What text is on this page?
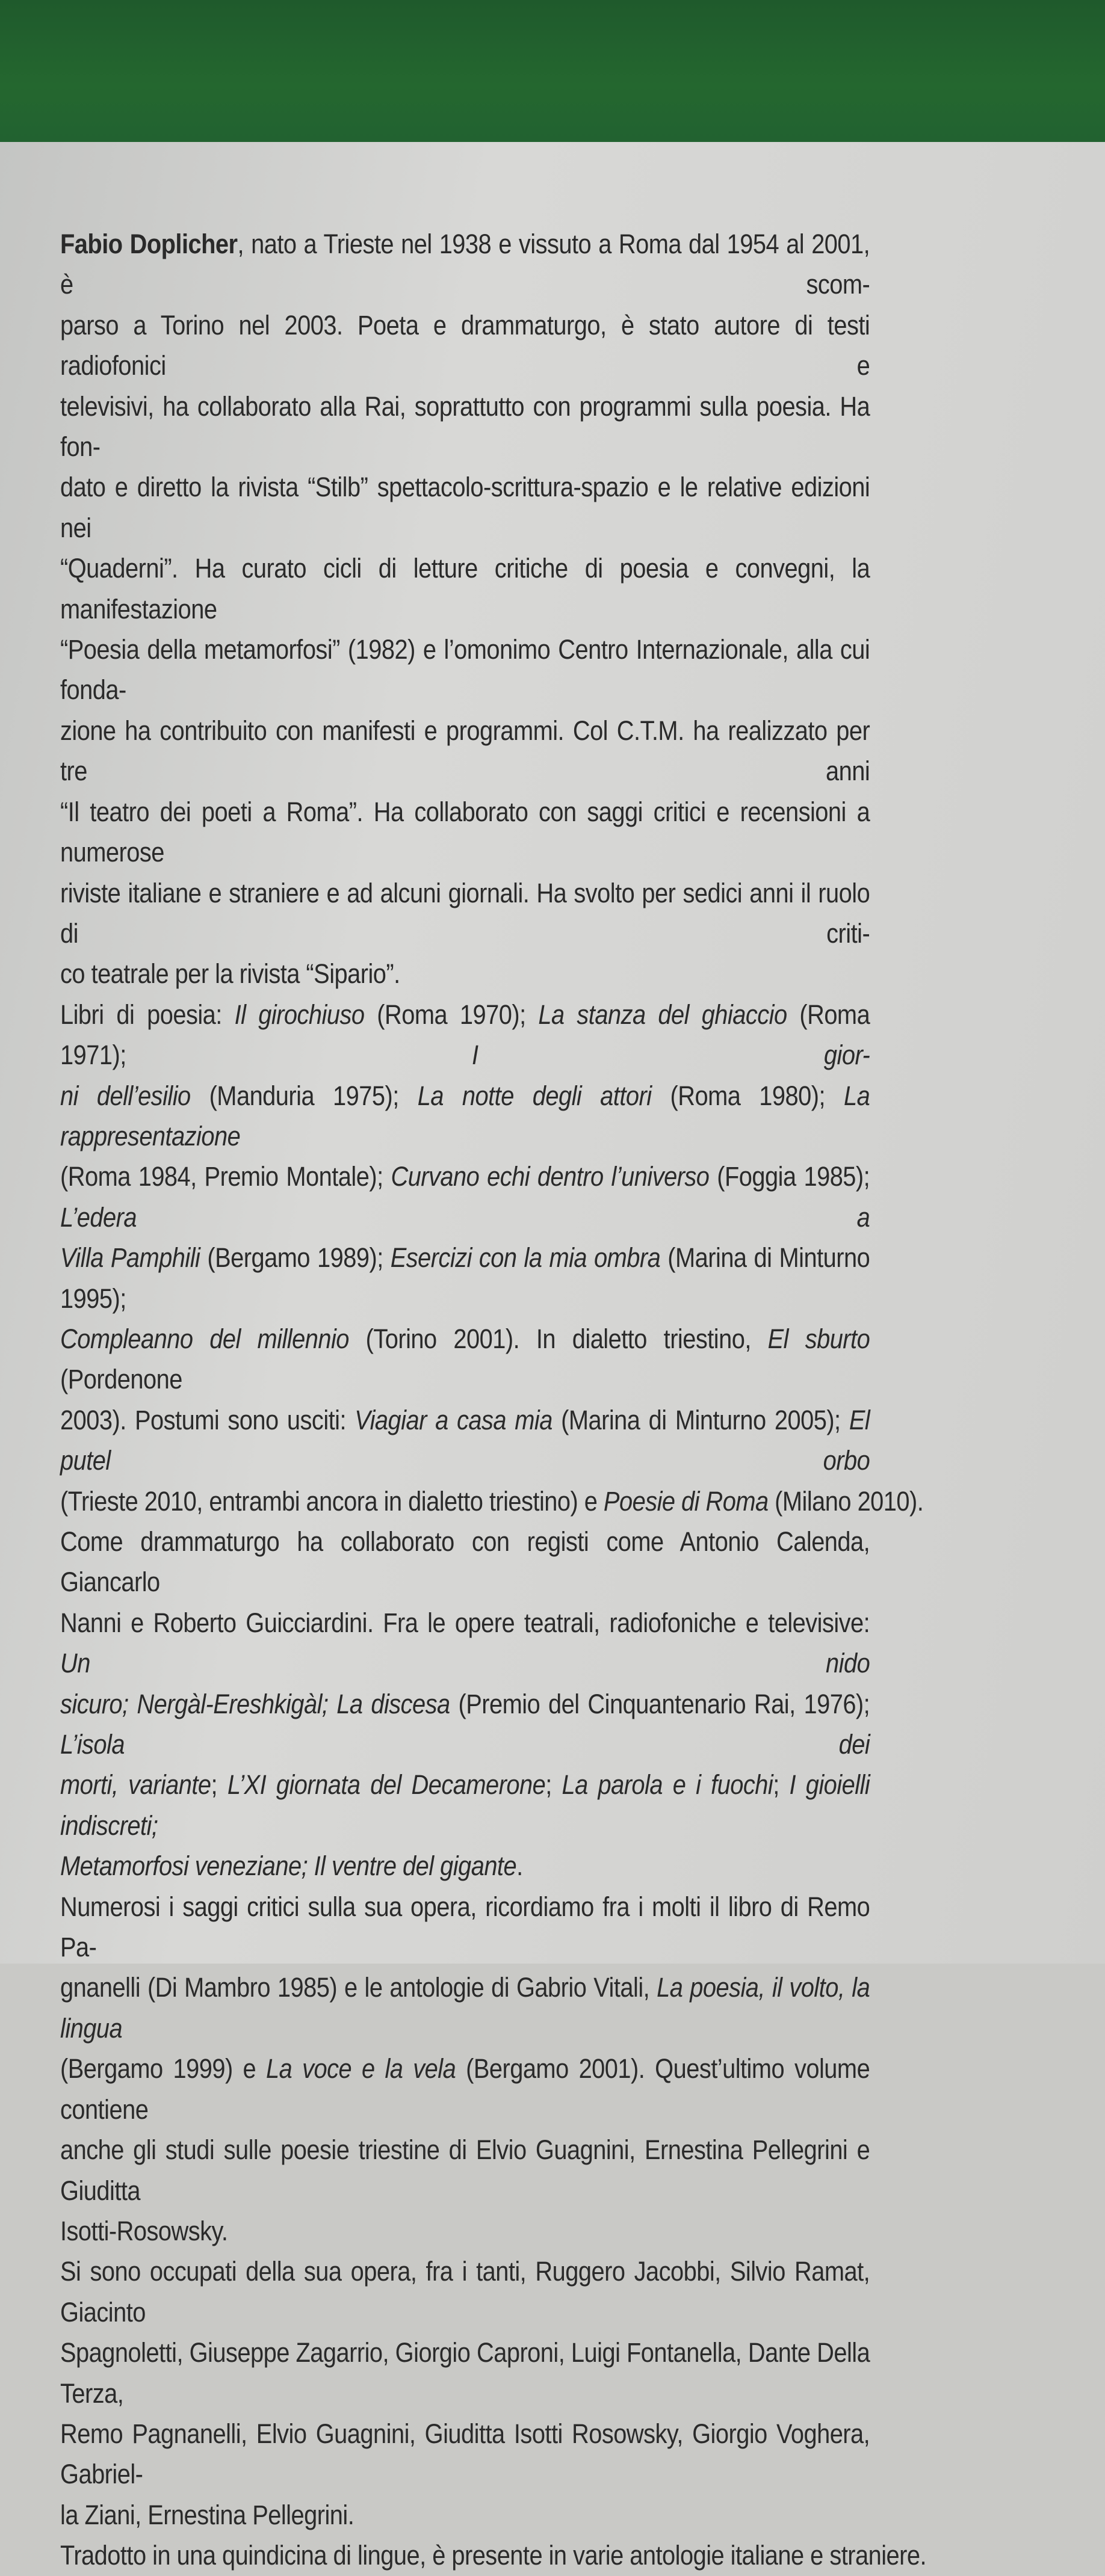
Fabio Doplicher, nato a Trieste nel 1938 e vissuto a Roma dal 1954 al 2001, è scom-
parso a Torino nel 2003. Poeta e drammaturgo, è stato autore di testi radiofonici e
televisivi, ha collaborato alla Rai, soprattutto con programmi sulla poesia. Ha fon-
dato e diretto la rivista “Stilb” spettacolo-scrittura-spazio e le relative edizioni nei
“Quaderni”. Ha curato cicli di letture critiche di poesia e convegni, la manifestazione
“Poesia della metamorfosi” (1982) e l’omonimo Centro Internazionale, alla cui fonda-
zione ha contribuito con manifesti e programmi. Col C.T.M. ha realizzato per tre anni
“Il teatro dei poeti a Roma”. Ha collaborato con saggi critici e recensioni a numerose
riviste italiane e straniere e ad alcuni giornali. Ha svolto per sedici anni il ruolo di criti-
co teatrale per la rivista “Sipario”.
Libri di poesia: Il girochiuso (Roma 1970); La stanza del ghiaccio (Roma 1971); I gior-
ni dell’esilio (Manduria 1975); La notte degli attori (Roma 1980); La rappresentazione
(Roma 1984, Premio Montale); Curvano echi dentro l’universo (Foggia 1985); L’edera a
Villa Pamphili (Bergamo 1989); Esercizi con la mia ombra (Marina di Minturno 1995);
Compleanno del millennio (Torino 2001). In dialetto triestino, El sburto (Pordenone
2003). Postumi sono usciti: Viagiar a casa mia (Marina di Minturno 2005); El putel orbo
(Trieste 2010, entrambi ancora in dialetto triestino) e Poesie di Roma (Milano 2010).
Come drammaturgo ha collaborato con registi come Antonio Calenda, Giancarlo
Nanni e Roberto Guicciardini. Fra le opere teatrali, radiofoniche e televisive: Un nido
sicuro; Nergàl-Ereshkigàl; La discesa (Premio del Cinquantenario Rai, 1976); L’isola dei
morti, variante; L’XI giornata del Decamerone; La parola e i fuochi; I gioielli indiscreti;
Metamorfosi veneziane; Il ventre del gigante.
Numerosi i saggi critici sulla sua opera, ricordiamo fra i molti il libro di Remo Pa-
gnanelli (Di Mambro 1985) e le antologie di Gabrio Vitali, La poesia, il volto, la lingua
(Bergamo 1999) e La voce e la vela (Bergamo 2001). Quest’ultimo volume contiene
anche gli studi sulle poesie triestine di Elvio Guagnini, Ernestina Pellegrini e Giuditta
Isotti-Rosowsky.
Si sono occupati della sua opera, fra i tanti, Ruggero Jacobbi, Silvio Ramat, Giacinto
Spagnoletti, Giuseppe Zagarrio, Giorgio Caproni, Luigi Fontanella, Dante Della Terza,
Remo Pagnanelli, Elvio Guagnini, Giuditta Isotti Rosowsky, Giorgio Voghera, Gabriel-
la Ziani, Ernestina Pellegrini.
Tradotto in una quindicina di lingue, è presente in varie antologie italiane e straniere.
